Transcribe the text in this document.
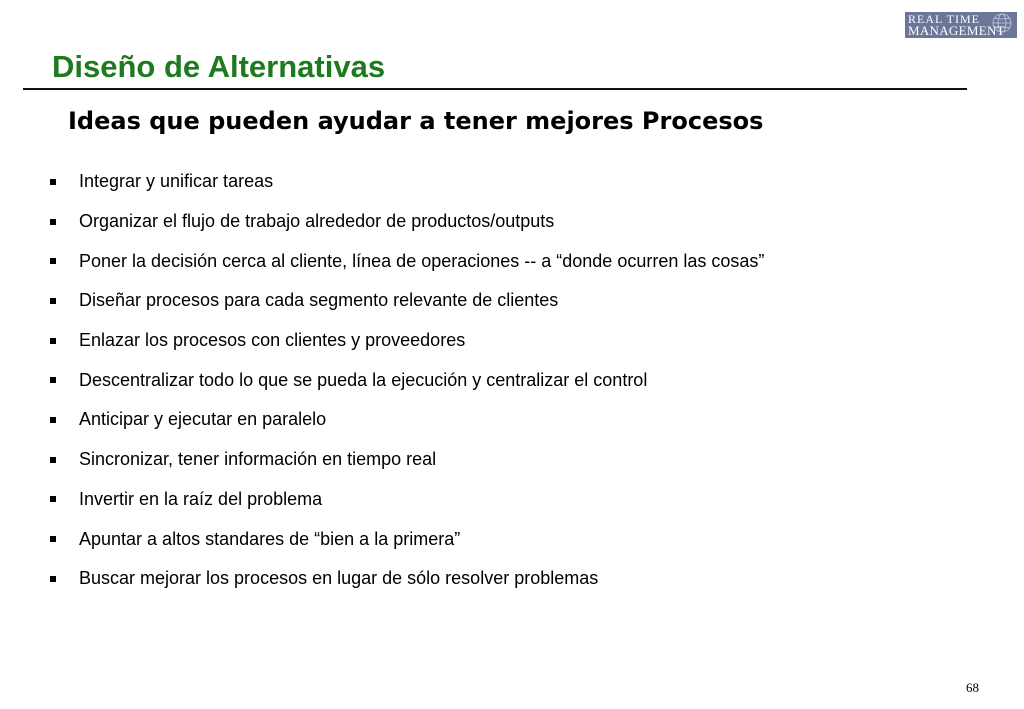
REAL TIME
MANAGEMENT
Diseño de Alternativas
Ideas que pueden ayudar a tener mejores Procesos
Integrar y unificar tareas
Organizar el flujo de trabajo alrededor de productos/outputs
Poner la decisión cerca al cliente, línea de operaciones -- a “donde ocurren las cosas”
Diseñar procesos para cada segmento relevante de clientes
Enlazar los procesos con clientes y proveedores
Descentralizar todo lo que se pueda la ejecución y centralizar el control
Anticipar y ejecutar en paralelo
Sincronizar, tener información en tiempo real
Invertir en la raíz del problema
Apuntar a altos standares de “bien a la primera”
Buscar mejorar los procesos en lugar de sólo resolver problemas
68
